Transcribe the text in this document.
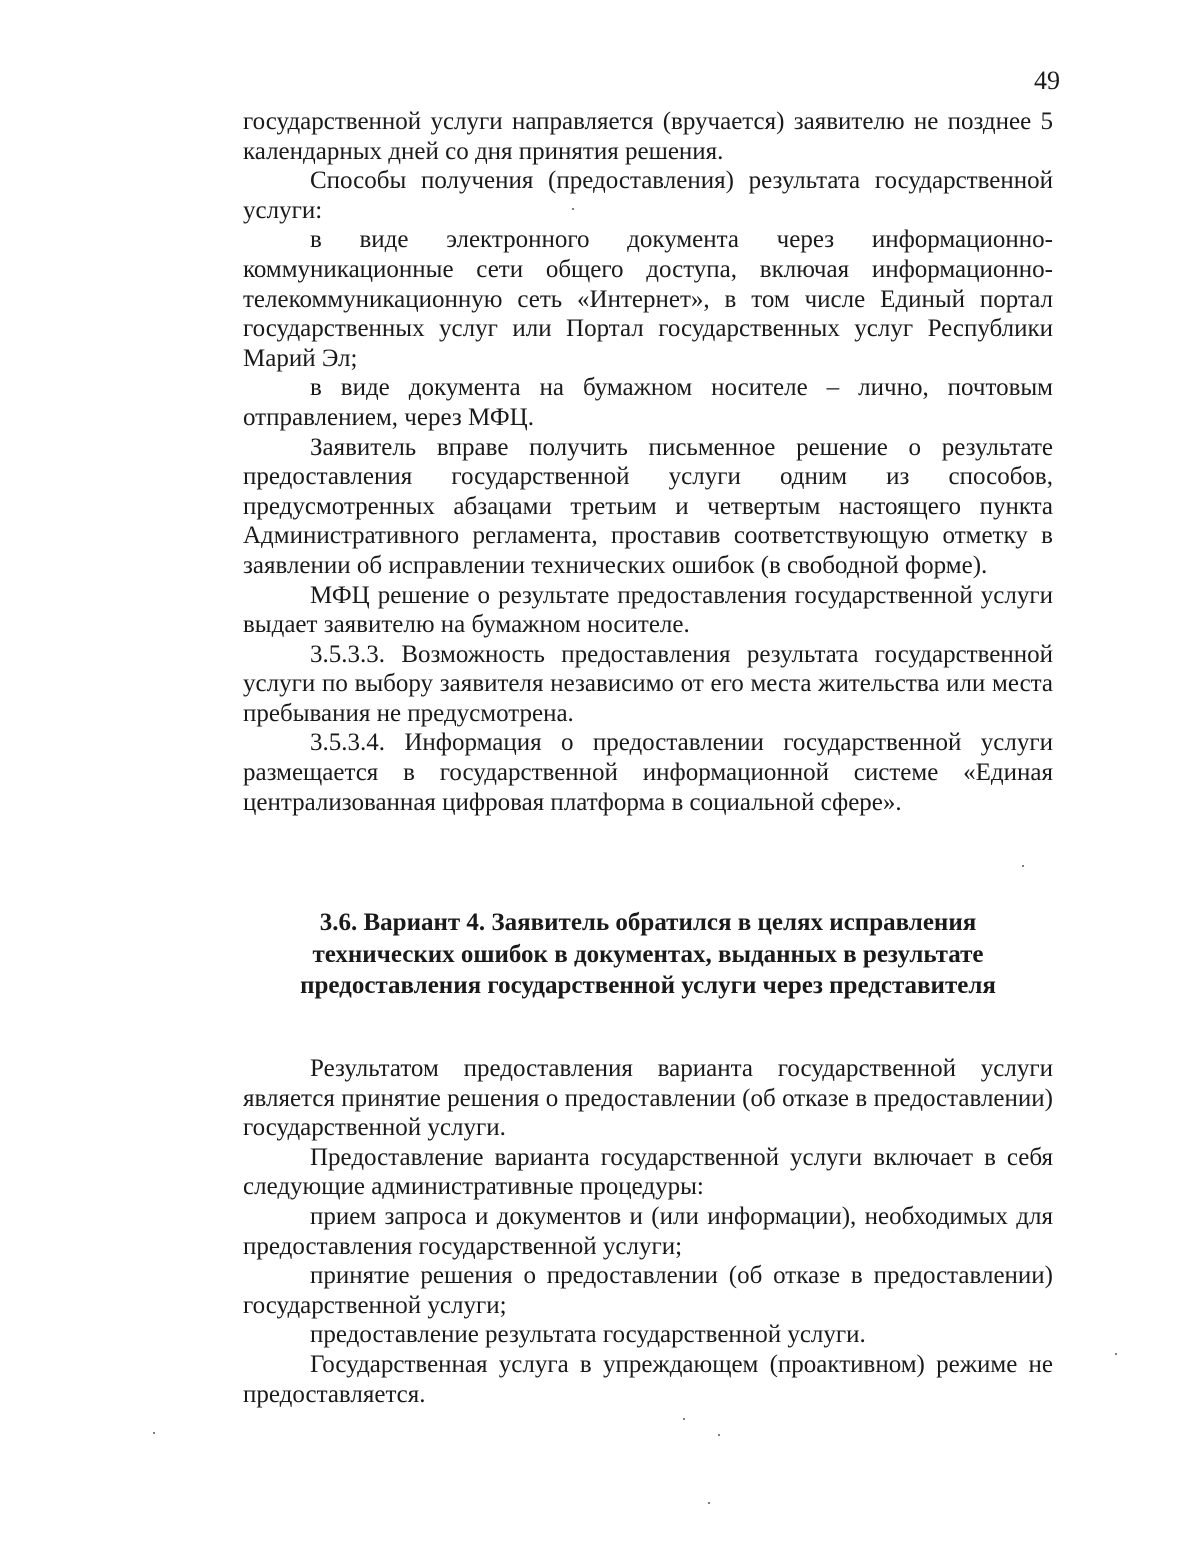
49

государственной услуги направляется (вручается) заявителю не позднее 5 календарных дней со дня принятия решения.

Способы получения (предоставления) результата государственной услуги:

в виде электронного документа через информационно-коммуникационные сети общего доступа, включая информационно-телекоммуникационную сеть «Интернет», в том числе Единый портал государственных услуг или Портал государственных услуг Республики Марий Эл;

в виде документа на бумажном носителе – лично, почтовым отправлением, через МФЦ.

Заявитель вправе получить письменное решение о результате предоставления государственной услуги одним из способов, предусмотренных абзацами третьим и четвертым настоящего пункта Административного регламента, проставив соответствующую отметку в заявлении об исправлении технических ошибок (в свободной форме).

МФЦ решение о результате предоставления государственной услуги выдает заявителю на бумажном носителе.

3.5.3.3. Возможность предоставления результата государственной услуги по выбору заявителя независимо от его места жительства или места пребывания не предусмотрена.

3.5.3.4. Информация о предоставлении государственной услуги размещается в государственной информационной системе «Единая централизованная цифровая платформа в социальной сфере».

3.6. Вариант 4. Заявитель обратился в целях исправления
технических ошибок в документах, выданных в результате
предоставления государственной услуги через представителя

Результатом предоставления варианта государственной услуги является принятие решения о предоставлении (об отказе в предоставлении) государственной услуги.

Предоставление варианта государственной услуги включает в себя следующие административные процедуры:

прием запроса и документов и (или информации), необходимых для предоставления государственной услуги;

принятие решения о предоставлении (об отказе в предоставлении) государственной услуги;

предоставление результата государственной услуги.

Государственная услуга в упреждающем (проактивном) режиме не предоставляется.
